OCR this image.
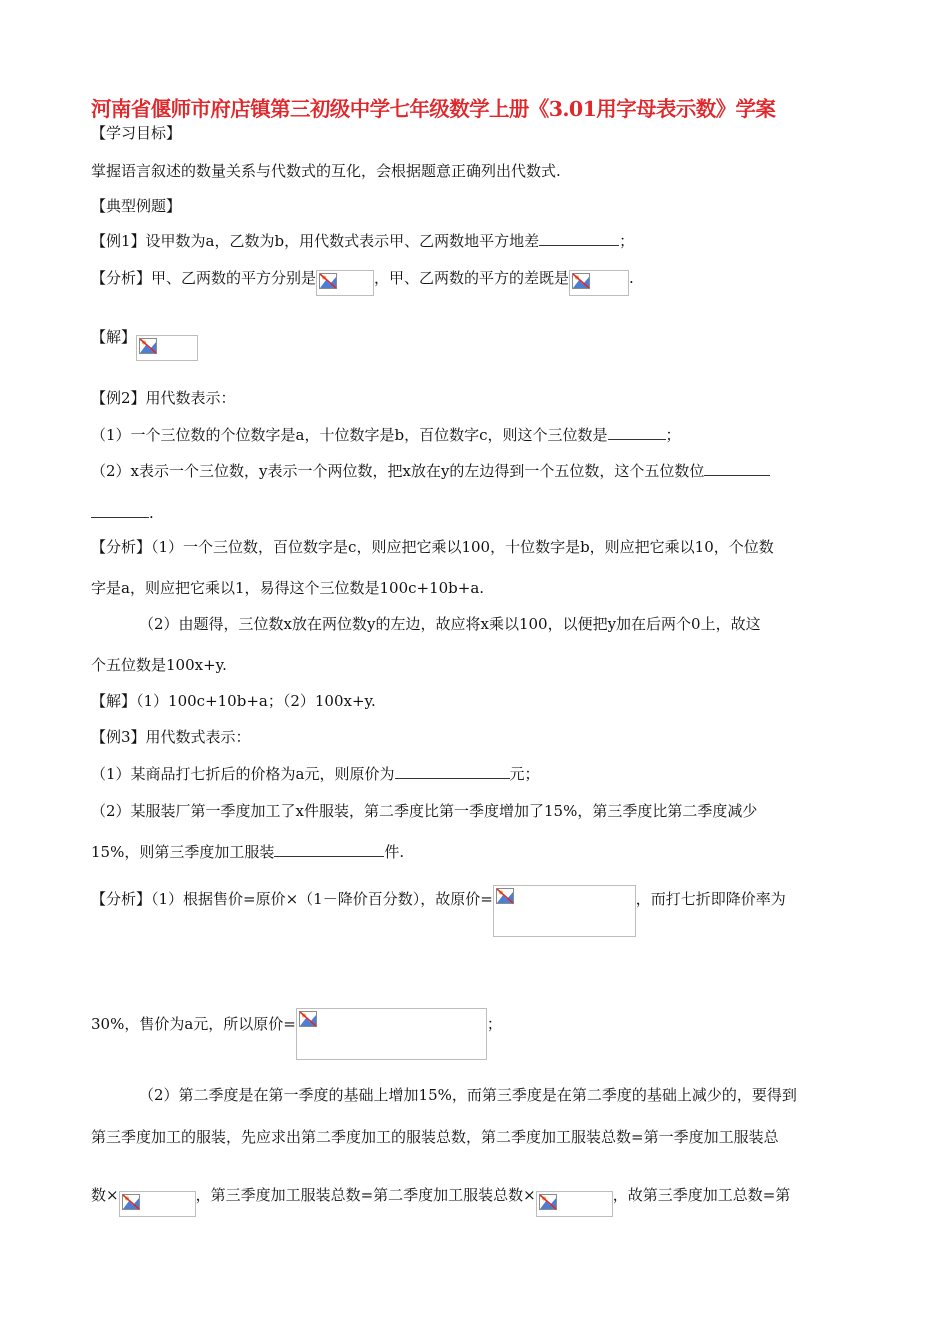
河南省偃师市府店镇第三初级中学七年级数学上册《3.01用字母表示数》学案
【学习目标】
掌握语言叙述的数量关系与代数式的互化，会根据题意正确列出代数式.
【典型例题】
【例1】设甲数为a，乙数为b，用代数式表示甲、乙两数地平方地差	；
【分析】甲、乙两数的平方分别是	，甲、乙两数的平方的差既是	.
【解】
【例2】用代数表示：
（1）一个三位数的个位数字是a，十位数字是b，百位数字c，则这个三位数是	；
（2）x表示一个三位数，y表示一个两位数，把x放在y的左边得到一个五位数，这个五位数位
.
【分析】（1）一个三位数，百位数字是c，则应把它乘以100，十位数字是b，则应把它乘以10，个位数
字是a，则应把它乘以1，易得这个三位数是100c+10b+a.
（2）由题得，三位数x放在两位数y的左边，故应将x乘以100，以便把y加在后两个0上，故这
个五位数是100x+y.
【解】（1）100c+10b+a；（2）100x+y.
【例3】用代数式表示：
（1）某商品打七折后的价格为a元，则原价为	元；
（2）某服装厂第一季度加工了x件服装，第二季度比第一季度增加了15%，第三季度比第二季度减少
15%，则第三季度加工服装	件.
【分析】（1）根据售价=原价×（1－降价百分数），故原价=	，而打七折即降价率为
30%，售价为a元，所以原价=	；
（2）第二季度是在第一季度的基础上增加15%，而第三季度是在第二季度的基础上减少的，要得到
第三季度加工的服装，先应求出第二季度加工的服装总数，第二季度加工服装总数=第一季度加工服装总
数×	，第三季度加工服装总数=第二季度加工服装总数×	，故第三季度加工总数=第
